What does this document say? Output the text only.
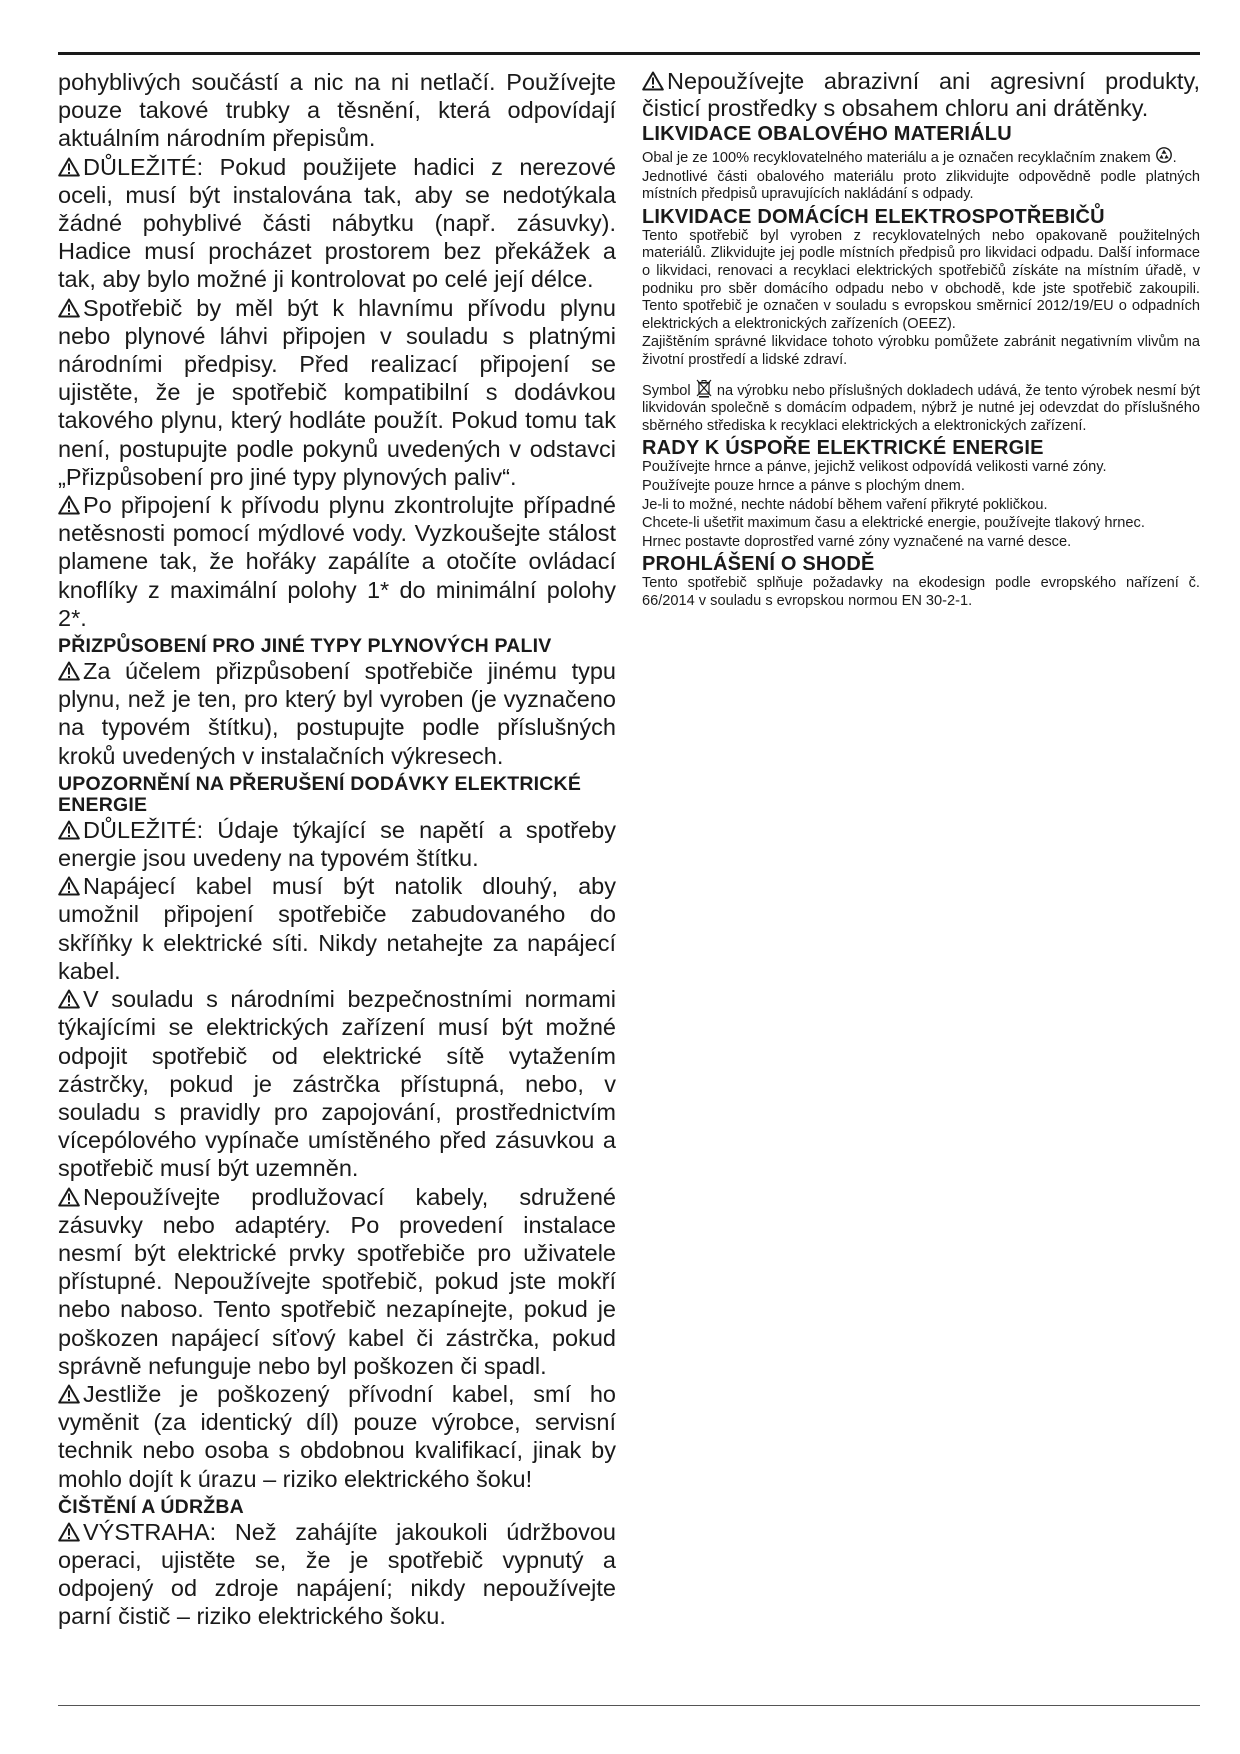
pohyblivých součástí a nic na ni netlačí. Používejte pouze takové trubky a těsnění, která odpovídají aktuálním národním přepisům.

DŮLEŽITÉ: Pokud použijete hadici z nerezové oceli, musí být instalována tak, aby se nedotýkala žádné pohyblivé části nábytku (např. zásuvky). Hadice musí procházet prostorem bez překážek a tak, aby bylo možné ji kontrolovat po celé její délce.

Spotřebič by měl být k hlavnímu přívodu plynu nebo plynové láhvi připojen v souladu s platnými národními předpisy. Před realizací připojení se ujistěte, že je spotřebič kompatibilní s dodávkou takového plynu, který hodláte použít. Pokud tomu tak není, postupujte podle pokynů uvedených v odstavci „Přizpůsobení pro jiné typy plynových paliv“.

Po připojení k přívodu plynu zkontrolujte případné netěsnosti pomocí mýdlové vody. Vyzkoušejte stálost plamene tak, že hořáky zapálíte a otočíte ovládací knoflíky z maximální polohy 1* do minimální polohy 2*.

PŘIZPŮSOBENÍ PRO JINÉ TYPY PLYNOVÝCH PALIV

Za účelem přizpůsobení spotřebiče jinému typu plynu, než je ten, pro který byl vyroben (je vyznačeno na typovém štítku), postupujte podle příslušných kroků uvedených v instalačních výkresech.

UPOZORNĚNÍ NA PŘERUŠENÍ DODÁVKY ELEKTRICKÉ ENERGIE

DŮLEŽITÉ: Údaje týkající se napětí a spotřeby energie jsou uvedeny na typovém štítku.

Napájecí kabel musí být natolik dlouhý, aby umožnil připojení spotřebiče zabudovaného do skříňky k elektrické síti. Nikdy netahejte za napájecí kabel.

V souladu s národními bezpečnostními normami týkajícími se elektrických zařízení musí být možné odpojit spotřebič od elektrické sítě vytažením zástrčky, pokud je zástrčka přístupná, nebo, v souladu s pravidly pro zapojování, prostřednictvím vícepólového vypínače umístěného před zásuvkou a spotřebič musí být uzemněn.

Nepoužívejte prodlužovací kabely, sdružené zásuvky nebo adaptéry. Po provedení instalace nesmí být elektrické prvky spotřebiče pro uživatele přístupné. Nepoužívejte spotřebič, pokud jste mokří nebo naboso. Tento spotřebič nezapínejte, pokud je poškozen napájecí síťový kabel či zástrčka, pokud správně nefunguje nebo byl poškozen či spadl.

Jestliže je poškozený přívodní kabel, smí ho vyměnit (za identický díl) pouze výrobce, servisní technik nebo osoba s obdobnou kvalifikací, jinak by mohlo dojít k úrazu – riziko elektrického šoku!

ČIŠTĚNÍ A ÚDRŽBA

VÝSTRAHA: Než zahájíte jakoukoli údržbovou operaci, ujistěte se, že je spotřebič vypnutý a odpojený od zdroje napájení; nikdy nepoužívejte parní čistič – riziko elektrického šoku.

Nepoužívejte abrazivní ani agresivní produkty, čisticí prostředky s obsahem chloru ani drátěnky.

LIKVIDACE OBALOVÉHO MATERIÁLU

Obal je ze 100% recyklovatelného materiálu a je označen recyklačním znakem .

Jednotlivé části obalového materiálu proto zlikvidujte odpovědně podle platných místních předpisů upravujících nakládání s odpady.

LIKVIDACE DOMÁCÍCH ELEKTROSPOTŘEBIČŮ

Tento spotřebič byl vyroben z recyklovatelných nebo opakovaně použitelných materiálů. Zlikvidujte jej podle místních předpisů pro likvidaci odpadu. Další informace o likvidaci, renovaci a recyklaci elektrických spotřebičů získáte na místním úřadě, v podniku pro sběr domácího odpadu nebo v obchodě, kde jste spotřebič zakoupili. Tento spotřebič je označen v souladu s evropskou směrnicí 2012/19/EU o odpadních elektrických a elektronických zařízeních (OEEZ).

Zajištěním správné likvidace tohoto výrobku pomůžete zabránit negativním vlivům na životní prostředí a lidské zdraví.

Symbol na výrobku nebo příslušných dokladech udává, že tento výrobek nesmí být likvidován společně s domácím odpadem, nýbrž je nutné jej odevzdat do příslušného sběrného střediska k recyklaci elektrických a elektronických zařízení.

RADY K ÚSPOŘE ELEKTRICKÉ ENERGIE

Používejte hrnce a pánve, jejichž velikost odpovídá velikosti varné zóny.

Používejte pouze hrnce a pánve s plochým dnem.

Je-li to možné, nechte nádobí během vaření přikryté pokličkou.

Chcete-li ušetřit maximum času a elektrické energie, používejte tlakový hrnec.

Hrnec postavte doprostřed varné zóny vyznačené na varné desce.

PROHLÁŠENÍ O SHODĚ

Tento spotřebič splňuje požadavky na ekodesign podle evropského nařízení č. 66/2014 v souladu s evropskou normou EN 30-2-1.
